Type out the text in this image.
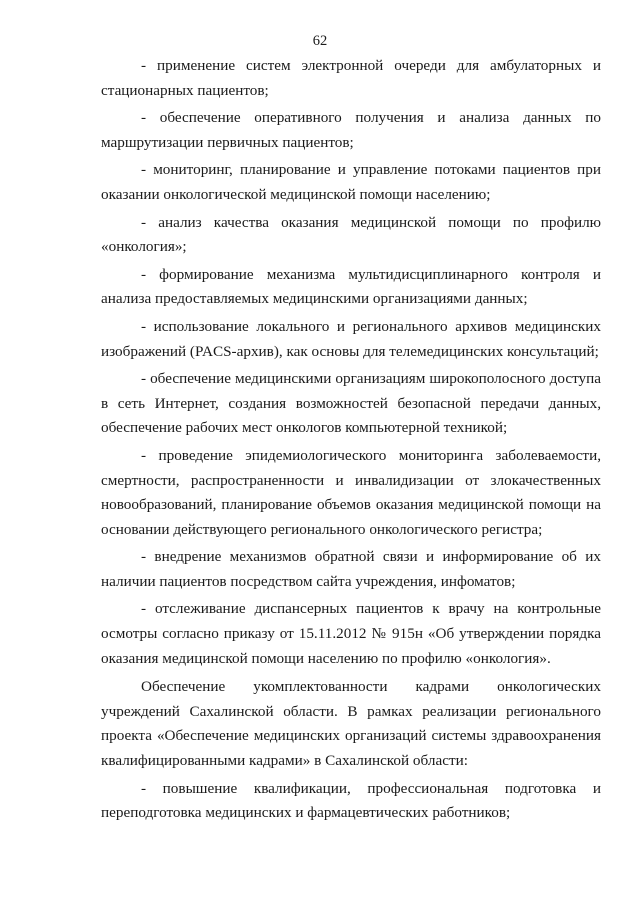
62

- применение систем электронной очереди для амбулаторных и стационарных пациентов;

- обеспечение оперативного получения и анализа данных по маршрутизации первичных пациентов;

- мониторинг, планирование и управление потоками пациентов при оказании онкологической медицинской помощи населению;

- анализ качества оказания медицинской помощи по профилю «онкология»;

- формирование механизма мультидисциплинарного контроля и анализа предоставляемых медицинскими организациями данных;

- использование локального и регионального архивов медицинских изображений (PACS-архив), как основы для телемедицинских консультаций;

- обеспечение медицинскими организациям широкополосного доступа в сеть Интернет, создания возможностей безопасной передачи данных, обеспечение рабочих мест онкологов компьютерной техникой;

- проведение эпидемиологического мониторинга заболеваемости, смертности, распространенности и инвалидизации от злокачественных новообразований, планирование объемов оказания медицинской помощи на основании действующего регионального онкологического регистра;

- внедрение механизмов обратной связи и информирование об их наличии пациентов посредством сайта учреждения, инфоматов;

- отслеживание диспансерных пациентов к врачу на контрольные осмотры согласно приказу от 15.11.2012 № 915н «Об утверждении порядка оказания медицинской помощи населению по профилю «онкология».

Обеспечение укомплектованности кадрами онкологических учреждений Сахалинской области. В рамках реализации регионального проекта «Обеспечение медицинских организаций системы здравоохранения квалифицированными кадрами» в Сахалинской области:

- повышение квалификации, профессиональная подготовка и переподготовка медицинских и фармацевтических работников;
